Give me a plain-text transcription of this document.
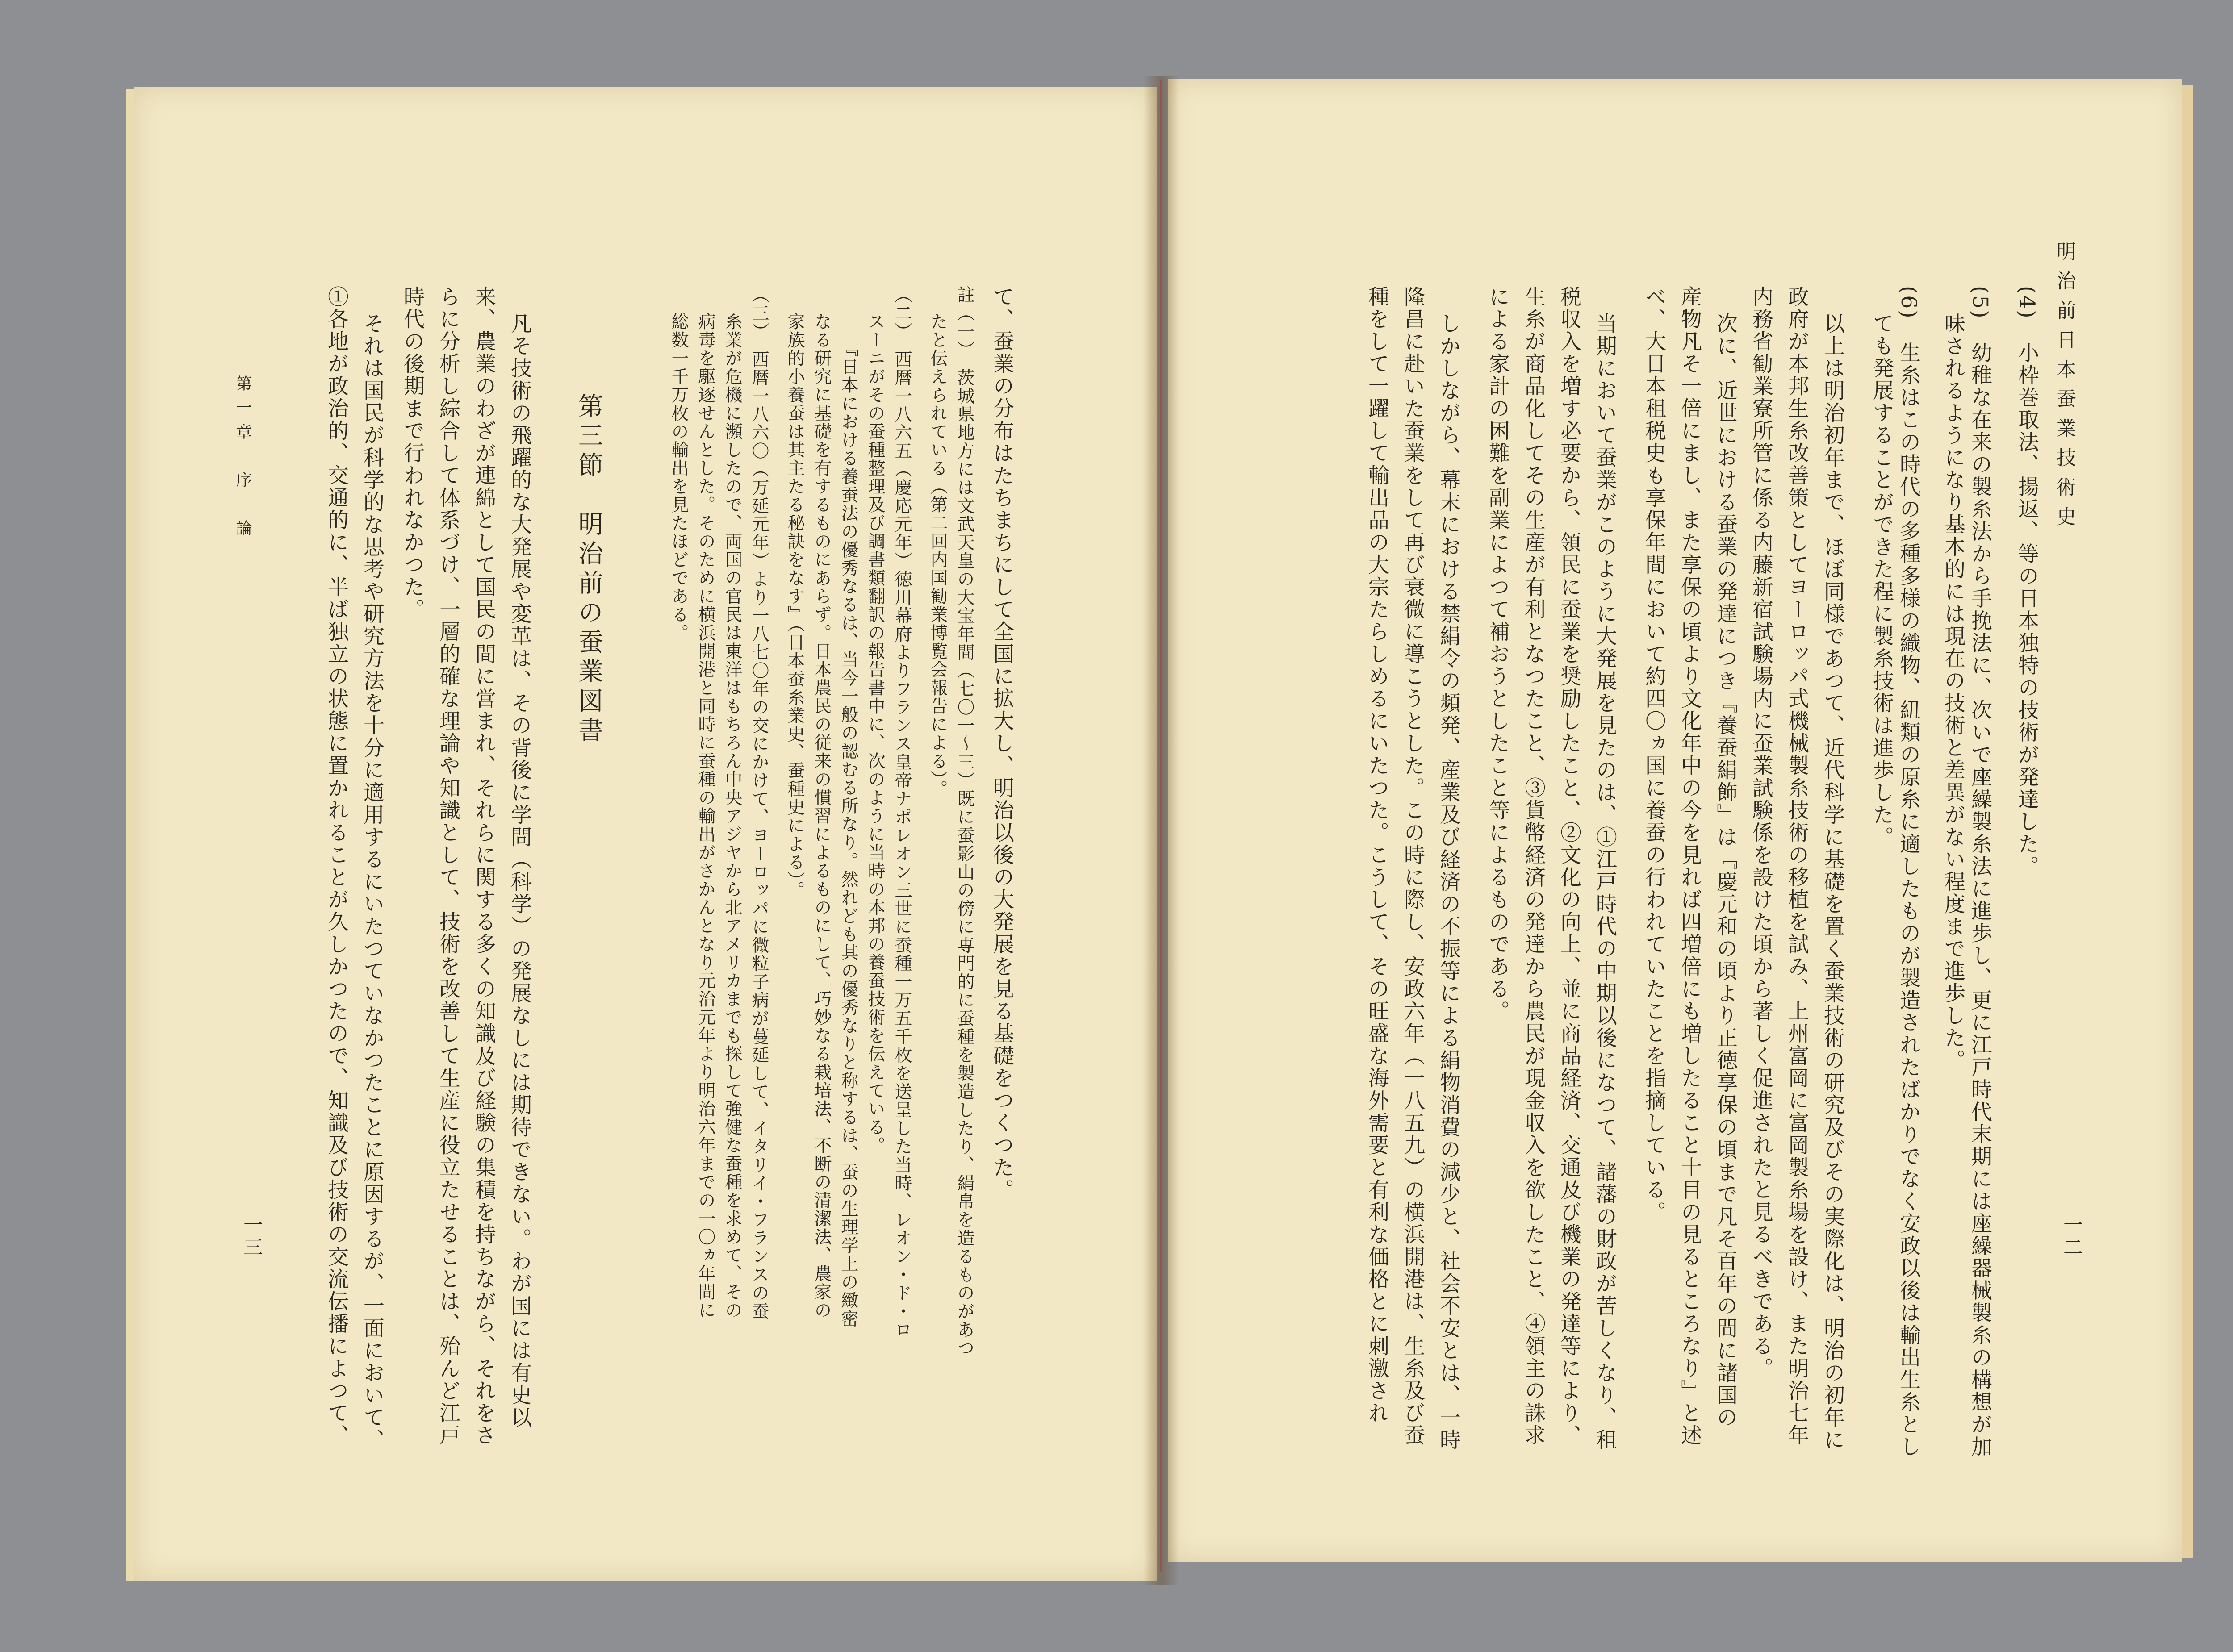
明治前日本蚕業技術史
一二
(4)　小枠巻取法、揚返、等の日本独特の技術が発達した。
(5)　幼稚な在来の製糸法から手挽法に、次いで座繰製糸法に進歩し、更に江戸時代末期には座繰器械製糸の構想が加
味されるようになり基本的には現在の技術と差異がない程度まで進歩した。
(6)　生糸はこの時代の多種多様の織物、紐類の原糸に適したものが製造されたばかりでなく安政以後は輸出生糸とし
ても発展することができた程に製糸技術は進歩した。
以上は明治初年まで、ほぼ同様であつて、近代科学に基礎を置く蚕業技術の研究及びその実際化は、明治の初年に
政府が本邦生糸改善策としてヨーロッパ式機械製糸技術の移植を試み、上州富岡に富岡製糸場を設け、また明治七年
内務省勧業寮所管に係る内藤新宿試験場内に蚕業試験係を設けた頃から著しく促進されたと見るべきである。
次に、近世における蚕業の発達につき『養蚕絹飾』は『慶元和の頃より正徳享保の頃まで凡そ百年の間に諸国の
産物凡そ一倍にまし、また享保の頃より文化年中の今を見れば四増倍にも増したること十目の見るところなり』と述
べ、大日本租税史も享保年間において約四〇ヵ国に養蚕の行われていたことを指摘している。
当期において蚕業がこのように大発展を見たのは、①江戸時代の中期以後になつて、諸藩の財政が苦しくなり、租
税収入を増す必要から、領民に蚕業を奨励したこと、②文化の向上、並に商品経済、交通及び機業の発達等により、
生糸が商品化してその生産が有利となつたこと、③貨幣経済の発達から農民が現金収入を欲したこと、④領主の誅求
による家計の困難を副業によつて補おうとしたこと等によるものである。
しかしながら、幕末における禁絹令の頻発、産業及び経済の不振等による絹物消費の減少と、社会不安とは、一時
隆昌に赴いた蚕業をして再び衰微に導こうとした。この時に際し、安政六年（一八五九）の横浜開港は、生糸及び蚕
種をして一躍して輸出品の大宗たらしめるにいたつた。こうして、その旺盛な海外需要と有利な価格とに刺激され
一三
第一章　序　論	て、蚕業の分布はたちまちにして全国に拡大し、明治以後の大発展を見る基礎をつくつた。
註（一）　茨城県地方には文武天皇の大宝年間（七〇一〜三）既に蚕影山の傍に専門的に蚕種を製造したり、絹帛を造るものがあつ
たと伝えられている（第二回内国勧業博覧会報告による）。
（二）　西暦一八六五（慶応元年）徳川幕府よりフランス皇帝ナポレオン三世に蚕種一万五千枚を送呈した当時、レオン・ド・ロ
スーニがその蚕種整理及び調書類翻訳の報告書中に、次のように当時の本邦の養蚕技術を伝えている。
『日本における養蚕法の優秀なるは、当今一般の認むる所なり。然れども其の優秀なりと称するは、蚕の生理学上の緻密
なる研究に基礎を有するものにあらず。日本農民の従来の慣習によるものにして、巧妙なる栽培法、不断の清潔法、農家の
家族的小養蚕は其主たる秘訣をなす』（日本蚕糸業史、蚕種史による）。
（三）　西暦一八六〇（万延元年）より一八七〇年の交にかけて、ヨーロッパに微粒子病が蔓延して、イタリイ・フランスの蚕
糸業が危機に瀕したので、両国の官民は東洋はもちろん中央アジヤから北アメリカまでも探して強健な蚕種を求めて、その
病毒を駆逐せんとした。そのために横浜開港と同時に蚕種の輸出がさかんとなり元治元年より明治六年までの一〇ヵ年間に
総数一千万枚の輸出を見たほどである。
第三節　明治前の蚕業図書
凡そ技術の飛躍的な大発展や変革は、その背後に学問（科学）の発展なしには期待できない。わが国には有史以
来、農業のわざが連綿として国民の間に営まれ、それらに関する多くの知識及び経験の集積を持ちながら、それをさ
らに分析し綜合して体系づけ、一層的確な理論や知識として、技術を改善して生産に役立たせることは、殆んど江戸
時代の後期まで行われなかつた。
それは国民が科学的な思考や研究方法を十分に適用するにいたつていなかつたことに原因するが、一面において、
①各地が政治的、交通的に、半ば独立の状態に置かれることが久しかつたので、知識及び技術の交流伝播によつて、
